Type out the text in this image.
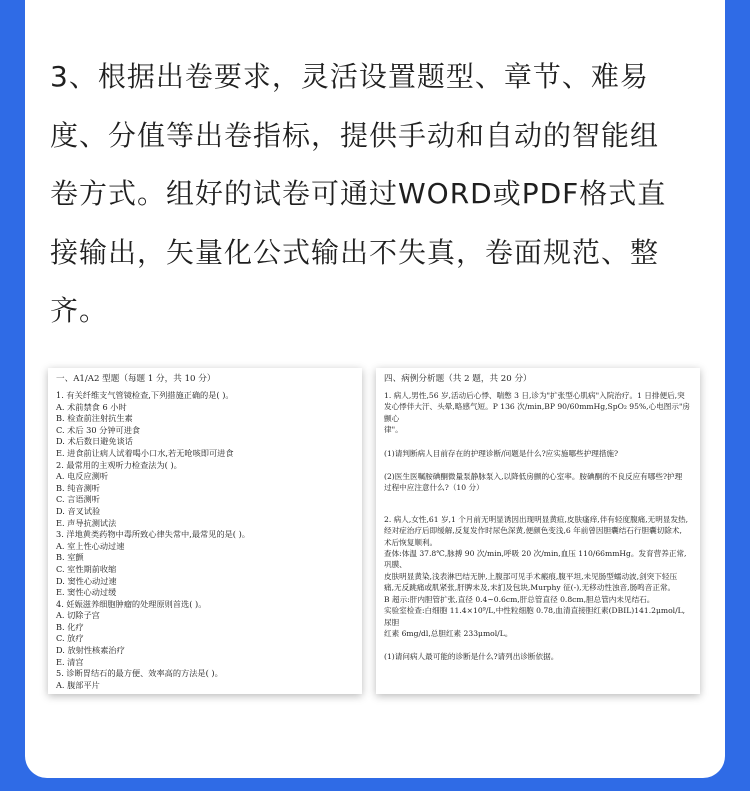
3、根据出卷要求，灵活设置题型、章节、难易
度、分值等出卷指标，提供手动和自动的智能组
卷方式。组好的试卷可通过WORD或PDF格式直
接输出，矢量化公式输出不失真，卷面规范、整
齐。

一、A1/A2 型题（每题 1 分，共 10 分）

1. 有关纤维支气管镜检查,下列措施正确的是( )。

A. 术前禁食 6 小时

B. 检查前注射抗生素

C. 术后 30 分钟可进食

D. 术后数日避免谈话

E. 进食前让病人试着喝小口水,若无呛咳即可进食

2. 最常用的主观听力检查法为( )。

A. 电反应测听

B. 纯音测听

C. 言语测听

D. 音叉试验

E. 声导抗测试法

3. 洋地黄类药物中毒所致心律失常中,最常见的是( )。

A. 室上性心动过速

B. 室颤

C. 室性期前收缩

D. 窦性心动过速

E. 窦性心动过缓

4. 妊娠滋养细胞肿瘤的处理原则首选( )。

A. 切除子宫

B. 化疗

C. 放疗

D. 放射性核素治疗

E. 清宫

5. 诊断胃结石的最方便、效率高的方法是( )。

A. 腹部平片

四、病例分析题（共 2 题，共 20 分）

1. 病人,男性,56 岁,活动后心悸、喘憋 3 日,诊为"扩张型心肌病"入院治疗。1 日排便后,突

发心悸伴大汗、头晕,略感气短。P 136 次/min,BP 90/60mmHg,SpO₂ 95%,心电图示"房颤心

律"。

(1)请判断病人目前存在的护理诊断/问题是什么?应实施哪些护理措施?

(2)医生医嘱胺碘酮微量泵静脉泵入,以降低房颤的心室率。胺碘酮的不良反应有哪些?护理

过程中应注意什么?（10 分）

2. 病人,女性,61 岁,1 个月前无明显诱因出现明显黄疸,皮肤瘙痒,伴有轻度腹痛,无明显发热,

经对症治疗后即缓解,反复发作时尿色深黄,便颜色变浅,6 年前曾因胆囊结石行胆囊切除术,

术后恢复顺利。

查体:体温 37.8℃,脉搏 90 次/min,呼吸 20 次/min,血压 110/66mmHg。发育营养正常,巩膜、

皮肤明显黄染,浅表淋巴结无肿,上腹部可见手术瘢痕,腹平坦,未见肠型蠕动波,剑突下轻压

痛,无反跳痛或肌紧张,肝脾未及,未扪及包块,Murphy 征(-),无移动性浊音,肠鸣音正常。

B 超示:肝内胆管扩张,直径 0.4~0.6cm,肝总管直径 0.8cm,胆总管内未见结石。

实验室检查:白细胞 11.4×10⁹/L,中性粒细胞 0.78,血清直接胆红素(DBIL)141.2μmol/L,尿胆

红素 6mg/dl,总胆红素 233μmol/L。

(1)请问病人最可能的诊断是什么?请列出诊断依据。
